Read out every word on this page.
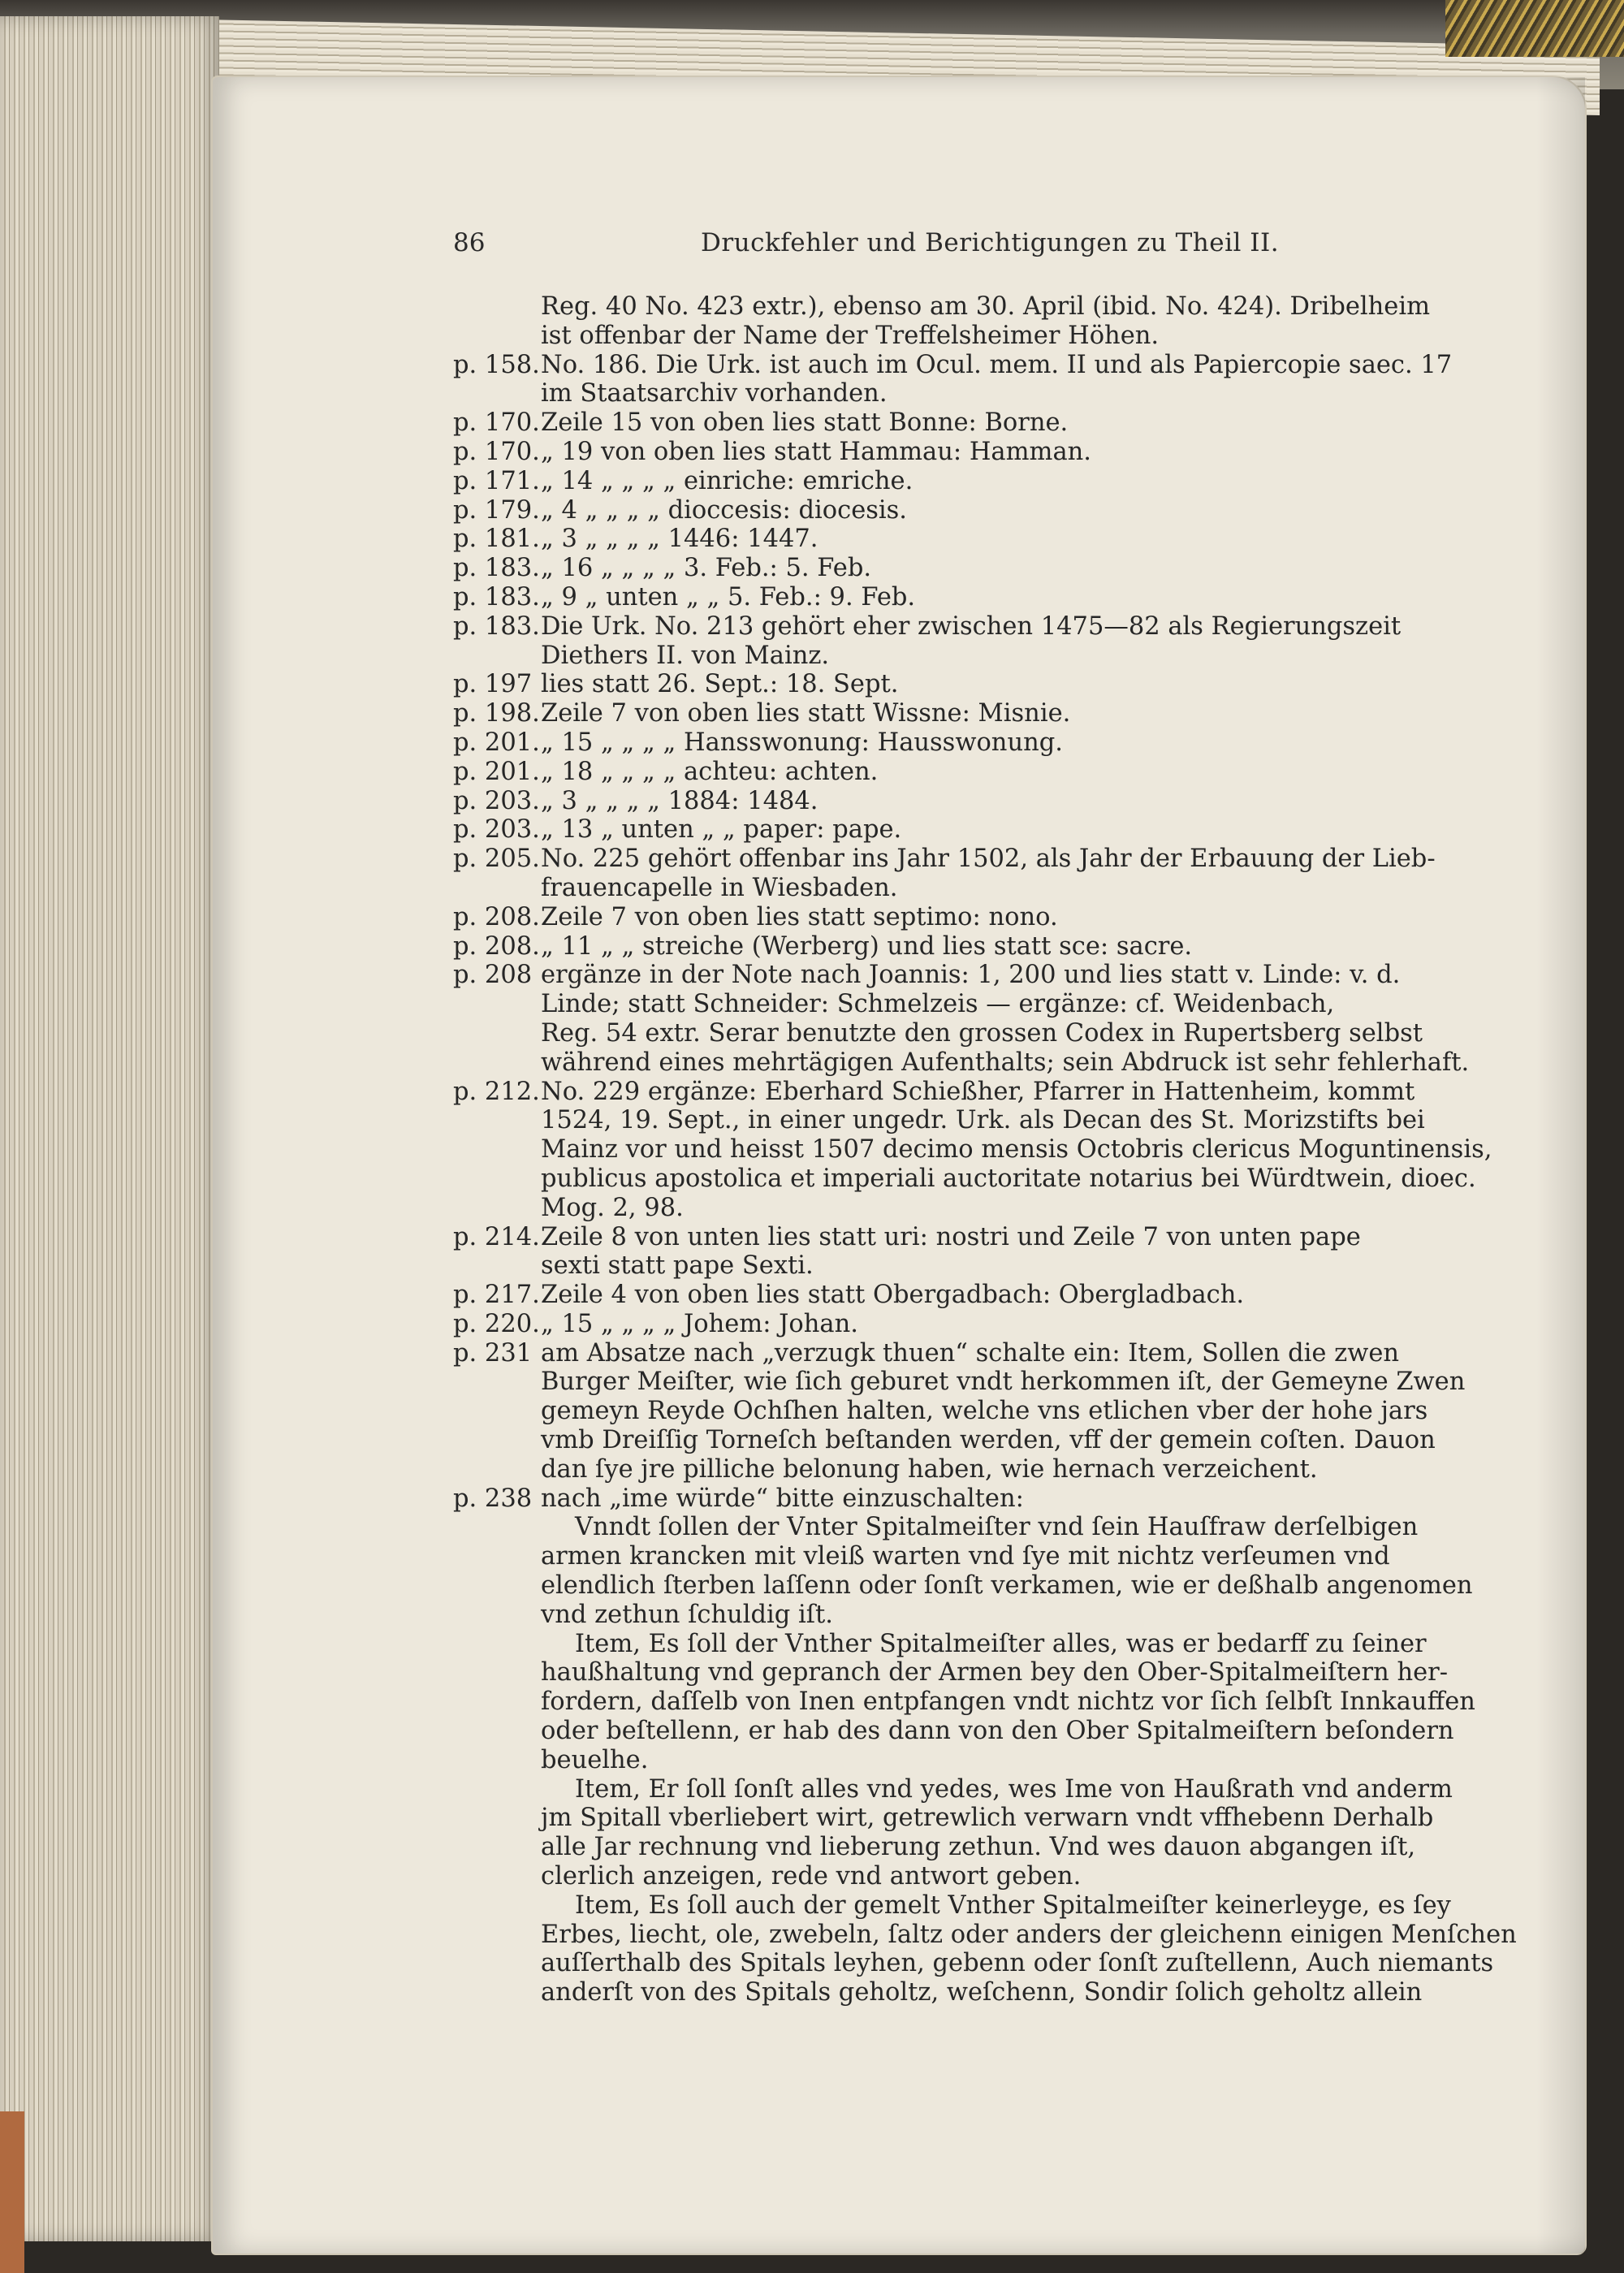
86	Druckfehler und Berichtigungen zu Theil II.
Reg. 40 No. 423 extr.), ebenso am 30. April (ibid. No. 424). Dribelheim
ist offenbar der Name der Treffelsheimer Höhen.
p. 158. No. 186. Die Urk. ist auch im Ocul. mem. II und als Papiercopie saec. 17
im Staatsarchiv vorhanden.
p. 170. Zeile 15 von oben lies statt Bonne: Borne.
p. 170. „ 19 von oben lies statt Hammau: Hamman.
p. 171. „ 14 „ „ „ „ einriche: emriche.
p. 179. „ 4 „ „ „ „ dioccesis: diocesis.
p. 181. „ 3 „ „ „ „ 1446: 1447.
p. 183. „ 16 „ „ „ „ 3. Feb.: 5. Feb.
p. 183. „ 9 „ unten „ „ 5. Feb.: 9. Feb.
p. 183. Die Urk. No. 213 gehört eher zwischen 1475—82 als Regierungszeit
Diethers II. von Mainz.
p. 197 lies statt 26. Sept.: 18. Sept.
p. 198. Zeile 7 von oben lies statt Wissne: Misnie.
p. 201. „ 15 „ „ „ „ Hansswonung: Hausswonung.
p. 201. „ 18 „ „ „ „ achteu: achten.
p. 203. „ 3 „ „ „ „ 1884: 1484.
p. 203. „ 13 „ unten „ „ paper: pape.
p. 205. No. 225 gehört offenbar ins Jahr 1502, als Jahr der Erbauung der Lieb-
frauencapelle in Wiesbaden.
p. 208. Zeile 7 von oben lies statt septimo: nono.
p. 208. „ 11 „ „ streiche (Werberg) und lies statt sce: sacre.
p. 208 ergänze in der Note nach Joannis: 1, 200 und lies statt v. Linde: v. d.
Linde; statt Schneider: Schmelzeis — ergänze: cf. Weidenbach,
Reg. 54 extr. Serar benutzte den grossen Codex in Rupertsberg selbst
während eines mehrtägigen Aufenthalts; sein Abdruck ist sehr fehlerhaft.
p. 212. No. 229 ergänze: Eberhard Schießher, Pfarrer in Hattenheim, kommt
1524, 19. Sept., in einer ungedr. Urk. als Decan des St. Morizstifts bei
Mainz vor und heisst 1507 decimo mensis Octobris clericus Moguntinensis,
publicus apostolica et imperiali auctoritate notarius bei Würdtwein, dioec.
Mog. 2, 98.
p. 214. Zeile 8 von unten lies statt uri: nostri und Zeile 7 von unten pape
sexti statt pape Sexti.
p. 217. Zeile 4 von oben lies statt Obergadbach: Obergladbach.
p. 220. „ 15 „ „ „ „ Johem: Johan.
p. 231 am Absatze nach „verzugk thuen“ schalte ein: Item, Sollen die zwen
Burger Meiſter, wie ſich geburet vndt herkommen iſt, der Gemeyne Zwen
gemeyn Reyde Ochſhen halten, welche vns etlichen vber der hohe jars
vmb Dreiſſig Torneſch beſtanden werden, vff der gemein coſten. Dauon
dan ſye jre pilliche belonung haben, wie hernach verzeichent.
p. 238 nach „ime würde“ bitte einzuschalten:
Vnndt ſollen der Vnter Spitalmeiſter vnd ſein Hauſfraw derſelbigen
armen krancken mit vleiß warten vnd ſye mit nichtz verſeumen vnd
elendlich ſterben laſſenn oder ſonſt verkamen, wie er deßhalb angenomen
vnd zethun ſchuldig iſt.
Item, Es ſoll der Vnther Spitalmeiſter alles, was er bedarff zu ſeiner
haußhaltung vnd gepranch der Armen bey den Ober-Spitalmeiſtern her-
fordern, daſſelb von Inen entpfangen vndt nichtz vor ſich ſelbſt Innkauffen
oder beſtellenn, er hab des dann von den Ober Spitalmeiſtern beſondern
beuelhe.
Item, Er ſoll ſonſt alles vnd yedes, wes Ime von Haußrath vnd anderm
jm Spitall vberliebert wirt, getrewlich verwarn vndt vffhebenn Derhalb
alle Jar rechnung vnd lieberung zethun. Vnd wes dauon abgangen iſt,
clerlich anzeigen, rede vnd antwort geben.
Item, Es ſoll auch der gemelt Vnther Spitalmeiſter keinerleyge, es ſey
Erbes, liecht, ole, zwebeln, ſaltz oder anders der gleichenn einigen Menſchen
auſſerthalb des Spitals leyhen, gebenn oder ſonſt zuſtellenn, Auch niemants
anderſt von des Spitals geholtz, weſchenn, Sondir ſolich geholtz allein
